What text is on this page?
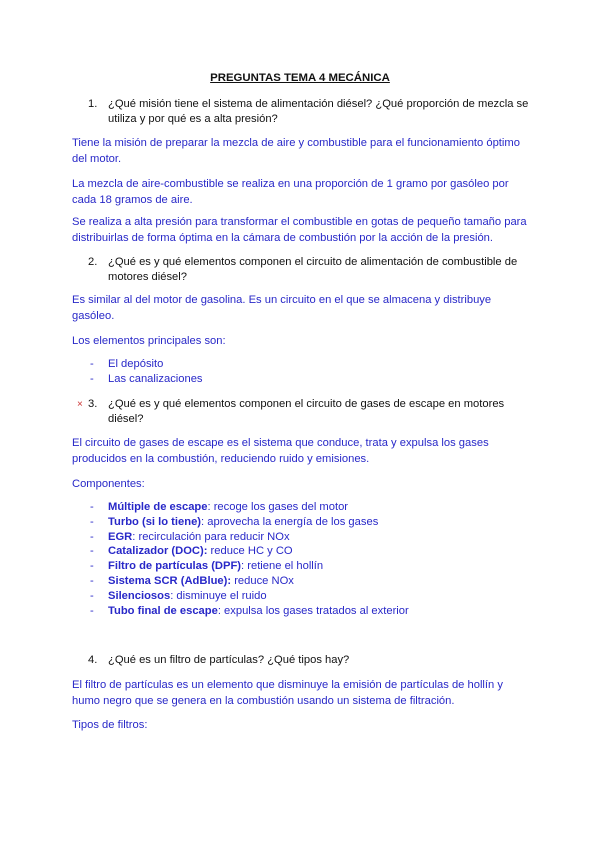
PREGUNTAS TEMA 4 MECÁNICA
1. ¿Qué misión tiene el sistema de alimentación diésel? ¿Qué proporción de mezcla se utiliza y por qué es a alta presión?
Tiene la misión de preparar la mezcla de aire y combustible para el funcionamiento óptimo del motor.
La mezcla de aire-combustible se realiza en una proporción de 1 gramo por gasóleo por cada 18 gramos de aire.
Se realiza a alta presión para transformar el combustible en gotas de pequeño tamaño para distribuirlas de forma óptima en la cámara de combustión por la acción de la presión.
2. ¿Qué es y qué elementos componen el circuito de alimentación de combustible de motores diésel?
Es similar al del motor de gasolina. Es un circuito en el que se almacena y distribuye gasóleo.
Los elementos principales son:
- El depósito
- Las canalizaciones
× 3. ¿Qué es y qué elementos componen el circuito de gases de escape en motores diésel?
El circuito de gases de escape es el sistema que conduce, trata y expulsa los gases producidos en la combustión, reduciendo ruido y emisiones.
Componentes:
- Múltiple de escape: recoge los gases del motor
- Turbo (si lo tiene): aprovecha la energía de los gases
- EGR: recirculación para reducir NOx
- Catalizador (DOC): reduce HC y CO
- Filtro de partículas (DPF): retiene el hollín
- Sistema SCR (AdBlue): reduce NOx
- Silenciosos: disminuye el ruido
- Tubo final de escape: expulsa los gases tratados al exterior
4. ¿Qué es un filtro de partículas? ¿Qué tipos hay?
El filtro de partículas es un elemento que disminuye la emisión de partículas de hollín y humo negro que se genera en la combustión usando un sistema de filtración.
Tipos de filtros:
